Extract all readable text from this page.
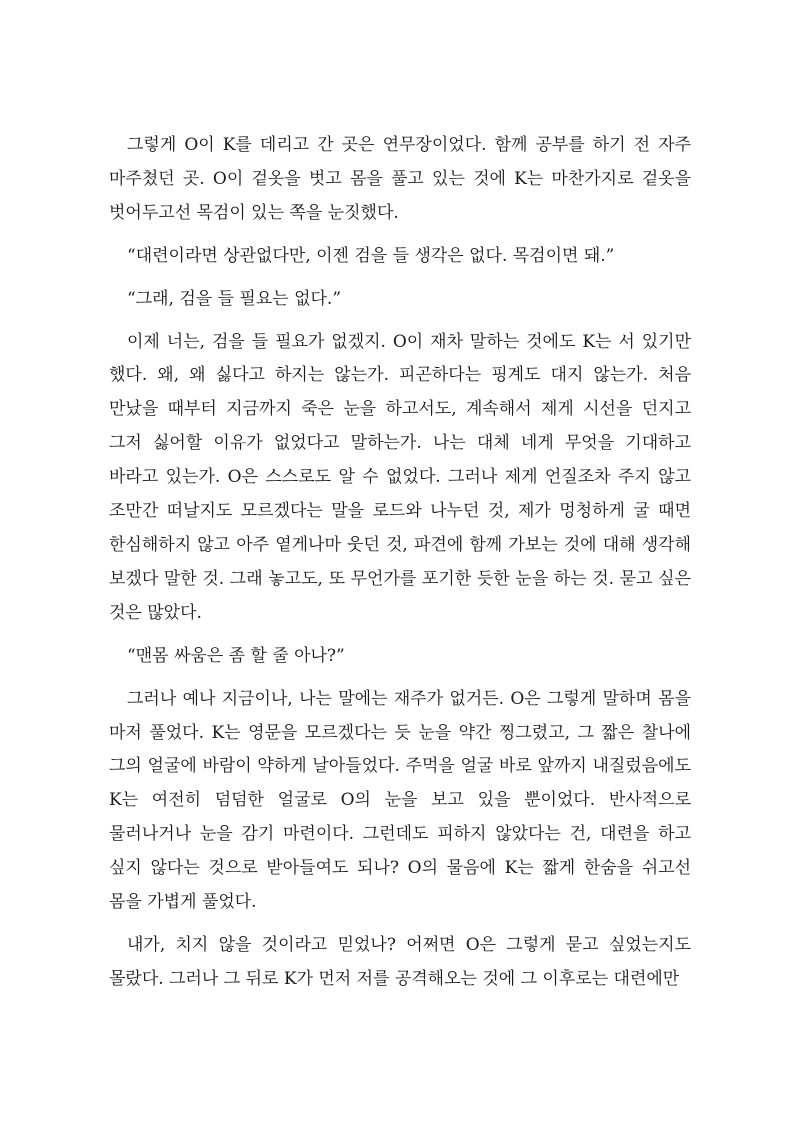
그렇게 O이 K를 데리고 간 곳은 연무장이었다. 함께 공부를 하기 전 자주 마주쳤던 곳. O이 겉옷을 벗고 몸을 풀고 있는 것에 K는 마찬가지로 겉옷을 벗어두고선 목검이 있는 쪽을 눈짓했다.

“대련이라면 상관없다만, 이젠 검을 들 생각은 없다. 목검이면 돼.”

“그래, 검을 들 필요는 없다.”

이제 너는, 검을 들 필요가 없겠지. O이 재차 말하는 것에도 K는 서 있기만 했다. 왜, 왜 싫다고 하지는 않는가. 피곤하다는 핑계도 대지 않는가. 처음 만났을 때부터 지금까지 죽은 눈을 하고서도, 계속해서 제게 시선을 던지고 그저 싫어할 이유가 없었다고 말하는가. 나는 대체 네게 무엇을 기대하고 바라고 있는가. O은 스스로도 알 수 없었다. 그러나 제게 언질조차 주지 않고 조만간 떠날지도 모르겠다는 말을 로드와 나누던 것, 제가 멍청하게 굴 때면 한심해하지 않고 아주 옅게나마 웃던 것, 파견에 함께 가보는 것에 대해 생각해 보겠다 말한 것. 그래 놓고도, 또 무언가를 포기한 듯한 눈을 하는 것. 묻고 싶은 것은 많았다.

“맨몸 싸움은 좀 할 줄 아나?”

그러나 예나 지금이나, 나는 말에는 재주가 없거든. O은 그렇게 말하며 몸을 마저 풀었다. K는 영문을 모르겠다는 듯 눈을 약간 찡그렸고, 그 짧은 찰나에 그의 얼굴에 바람이 약하게 날아들었다. 주먹을 얼굴 바로 앞까지 내질렀음에도 K는 여전히 덤덤한 얼굴로 O의 눈을 보고 있을 뿐이었다. 반사적으로 물러나거나 눈을 감기 마련이다. 그런데도 피하지 않았다는 건, 대련을 하고 싶지 않다는 것으로 받아들여도 되나? O의 물음에 K는 짧게 한숨을 쉬고선 몸을 가볍게 풀었다.

내가, 치지 않을 것이라고 믿었나? 어쩌면 O은 그렇게 묻고 싶었는지도 몰랐다. 그러나 그 뒤로 K가 먼저 저를 공격해오는 것에 그 이후로는 대련에만
